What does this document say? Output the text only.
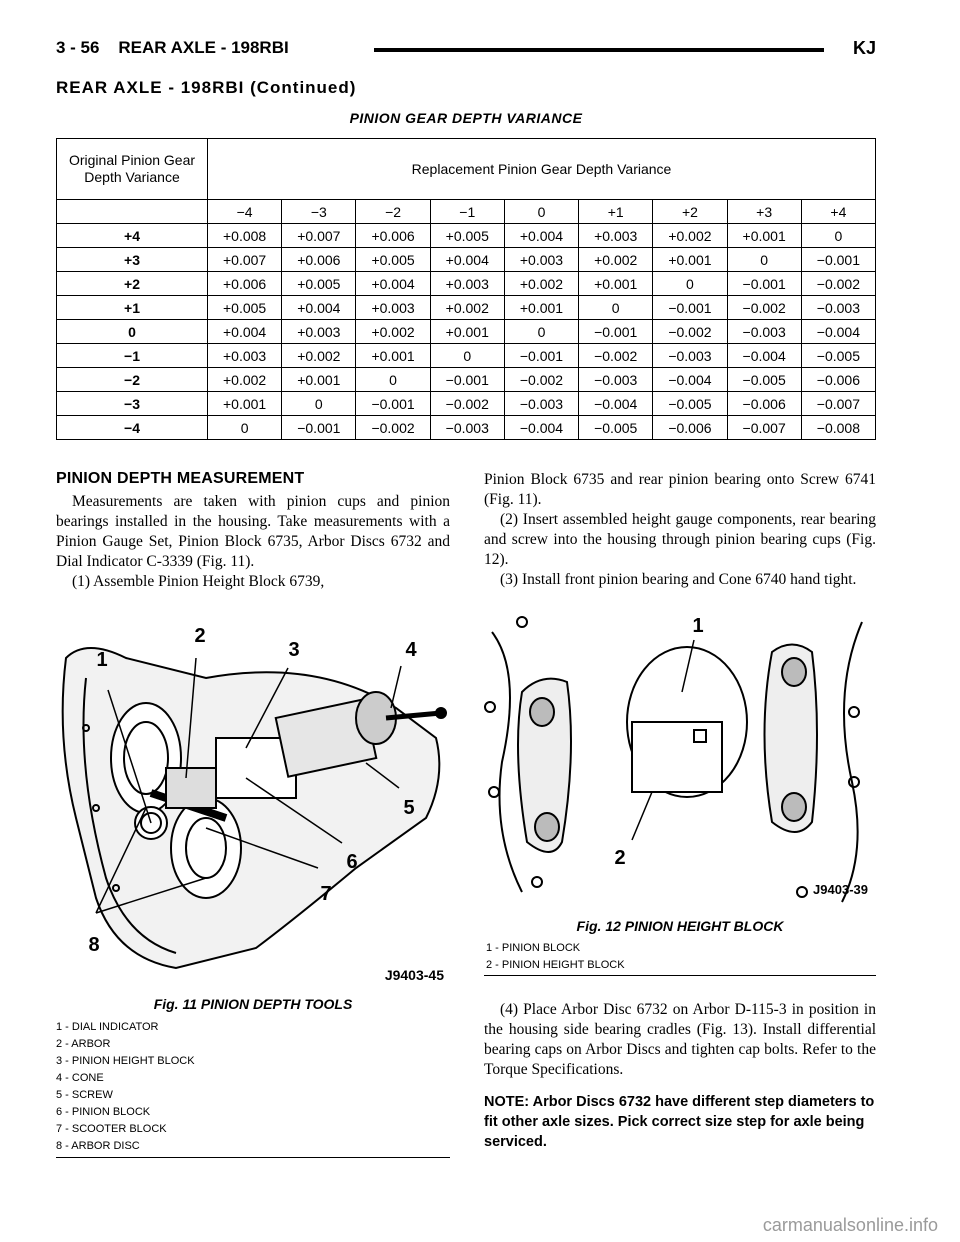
3 - 56    REAR AXLE - 198RBI	KJ
REAR AXLE - 198RBI (Continued)
PINION GEAR DEPTH VARIANCE
Original Pinion Gear Depth Variance	Replacement Pinion Gear Depth Variance								
	−4	−3	−2	−1	0	+1	+2	+3	+4
+4	+0.008	+0.007	+0.006	+0.005	+0.004	+0.003	+0.002	+0.001	0
+3	+0.007	+0.006	+0.005	+0.004	+0.003	+0.002	+0.001	0	−0.001
+2	+0.006	+0.005	+0.004	+0.003	+0.002	+0.001	0	−0.001	−0.002
+1	+0.005	+0.004	+0.003	+0.002	+0.001	0	−0.001	−0.002	−0.003
0	+0.004	+0.003	+0.002	+0.001	0	−0.001	−0.002	−0.003	−0.004
−1	+0.003	+0.002	+0.001	0	−0.001	−0.002	−0.003	−0.004	−0.005
−2	+0.002	+0.001	0	−0.001	−0.002	−0.003	−0.004	−0.005	−0.006
−3	+0.001	0	−0.001	−0.002	−0.003	−0.004	−0.005	−0.006	−0.007
−4	0	−0.001	−0.002	−0.003	−0.004	−0.005	−0.006	−0.007	−0.008
PINION DEPTH MEASUREMENT

Measurements are taken with pinion cups and pinion bearings installed in the housing. Take measurements with a Pinion Gauge Set, Pinion Block 6735, Arbor Discs 6732 and Dial Indicator C-3339 (Fig. 11).

(1) Assemble Pinion Height Block 6739,

Pinion Block 6735 and rear pinion bearing onto Screw 6741 (Fig. 11).

(2) Insert assembled height gauge components, rear bearing and screw into the housing through pinion bearing cups (Fig. 12).

(3) Install front pinion bearing and Cone 6740 hand tight.

(4) Place Arbor Disc 6732 on Arbor D-115-3 in position in the housing side bearing cradles (Fig. 13). Install differential bearing caps on Arbor Discs and tighten cap bolts. Refer to the Torque Specifications.

NOTE: Arbor Discs 6732 have different step diameters to fit other axle sizes. Pick correct size step for axle being serviced.
1
2
3	4
5
6
7
8
J9403-45
Fig. 11 PINION DEPTH TOOLS
1 - DIAL INDICATOR
2 - ARBOR
3 - PINION HEIGHT BLOCK
4 - CONE
5 - SCREW
6 - PINION BLOCK
7 - SCOOTER BLOCK
8 - ARBOR DISC
1
2
J9403-39
Fig. 12 PINION HEIGHT BLOCK
1 - PINION BLOCK
2 - PINION HEIGHT BLOCK
carmanualsonline.info
